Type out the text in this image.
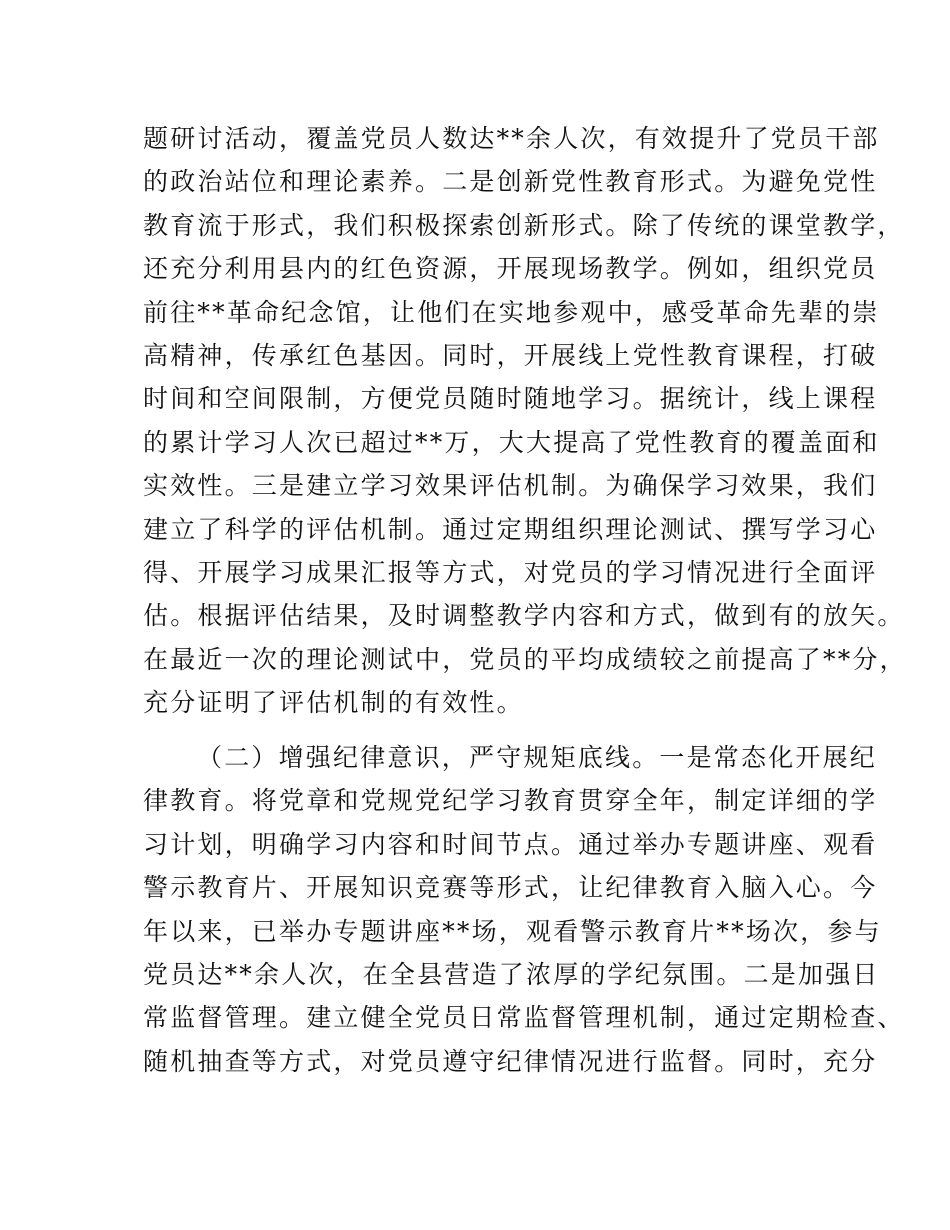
题研讨活动，覆盖党员人数达**余人次，有效提升了党员干部
的政治站位和理论素养。二是创新党性教育形式。为避免党性
教育流于形式，我们积极探索创新形式。除了传统的课堂教学，
还充分利用县内的红色资源，开展现场教学。例如，组织党员
前往**革命纪念馆，让他们在实地参观中，感受革命先辈的崇
高精神，传承红色基因。同时，开展线上党性教育课程，打破
时间和空间限制，方便党员随时随地学习。据统计，线上课程
的累计学习人次已超过**万，大大提高了党性教育的覆盖面和
实效性。三是建立学习效果评估机制。为确保学习效果，我们
建立了科学的评估机制。通过定期组织理论测试、撰写学习心
得、开展学习成果汇报等方式，对党员的学习情况进行全面评
估。根据评估结果，及时调整教学内容和方式，做到有的放矢。
在最近一次的理论测试中，党员的平均成绩较之前提高了**分，
充分证明了评估机制的有效性。
（二）增强纪律意识，严守规矩底线。一是常态化开展纪
律教育。将党章和党规党纪学习教育贯穿全年，制定详细的学
习计划，明确学习内容和时间节点。通过举办专题讲座、观看
警示教育片、开展知识竞赛等形式，让纪律教育入脑入心。今
年以来，已举办专题讲座**场，观看警示教育片**场次，参与
党员达**余人次，在全县营造了浓厚的学纪氛围。二是加强日
常监督管理。建立健全党员日常监督管理机制，通过定期检查、
随机抽查等方式，对党员遵守纪律情况进行监督。同时，充分
